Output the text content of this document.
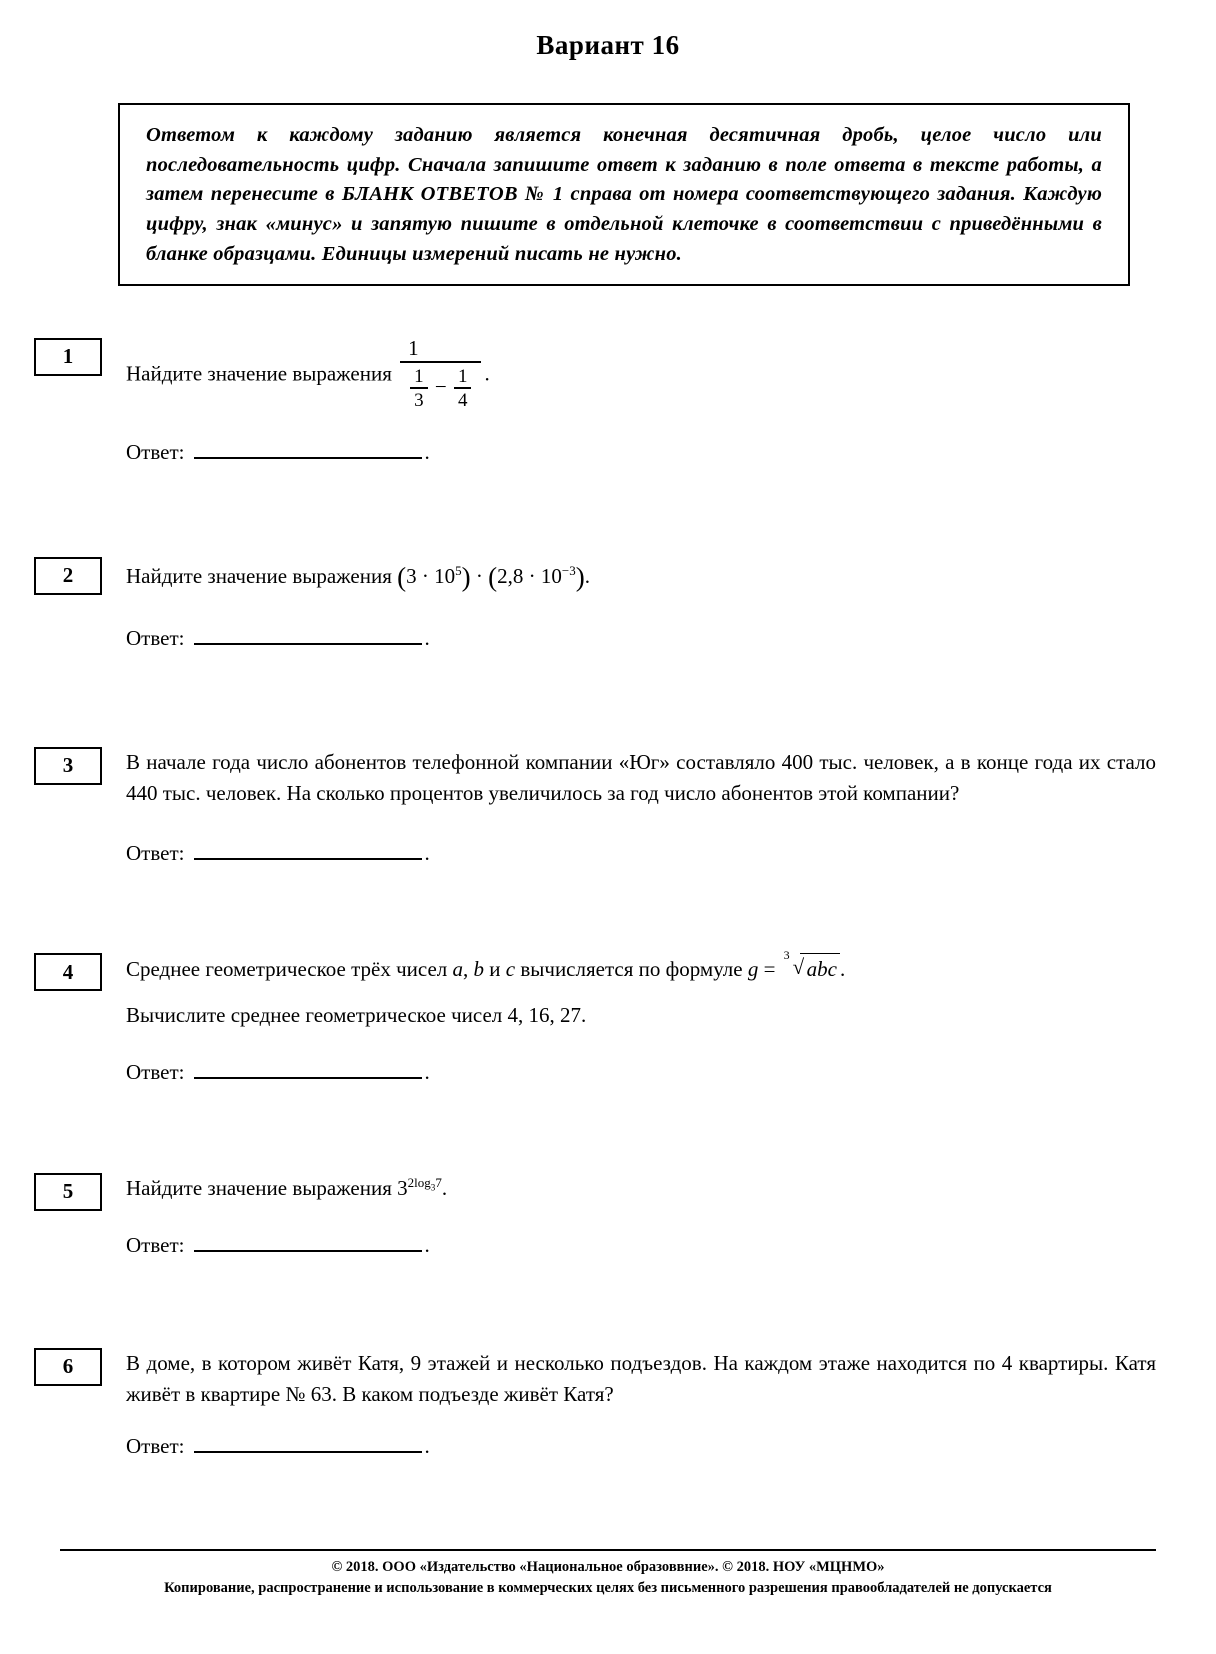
Вариант 16

Ответом к каждому заданию является конечная десятичная дробь, целое число или последовательность цифр. Сначала запишите ответ к заданию в поле ответа в тексте работы, а затем перенесите в БЛАНК ОТВЕТОВ № 1 справа от номера соответствующего задания. Каждую цифру, знак «минус» и запятую пишите в отдельной клеточке в соответствии с приведёнными в бланке образцами. Единицы измерений писать не нужно.

1
Найдите значение выражения
1
$\frac{1}{3} - \frac{1}{4}$ .
Ответ:	.
2	Найдите значение выражения $(3 \cdot 10^5) \cdot (2,8 \cdot 10^{-3})$.
Ответ:	.
3	В начале года число абонентов телефонной компании «Юг» составляло 400 тыс. человек, а в конце года их стало 440 тыс. человек. На сколько процентов увеличилось за год число абонентов этой компании?
Ответ:	.
4	Среднее геометрическое трёх чисел a, b и c вычисляется по формуле g =
3 √ abc .
Вычислите среднее геометрическое чисел 4, 16, 27.
Ответ:	.
5	Найдите значение выражения $3^{2log_37}$.
Ответ:	.
6	В доме, в котором живёт Катя, 9 этажей и несколько подъездов. На каждом этаже находится по 4 квартиры. Катя живёт в квартире № 63. В каком подъезде живёт Катя?
Ответ:	.
© 2018. ООО «Издательство «Национальное образоввние». © 2018. НОУ «МЦНМО»
Копирование, распространение и использование в коммерческих целях без письменного разрешения правообладателей не допускается
